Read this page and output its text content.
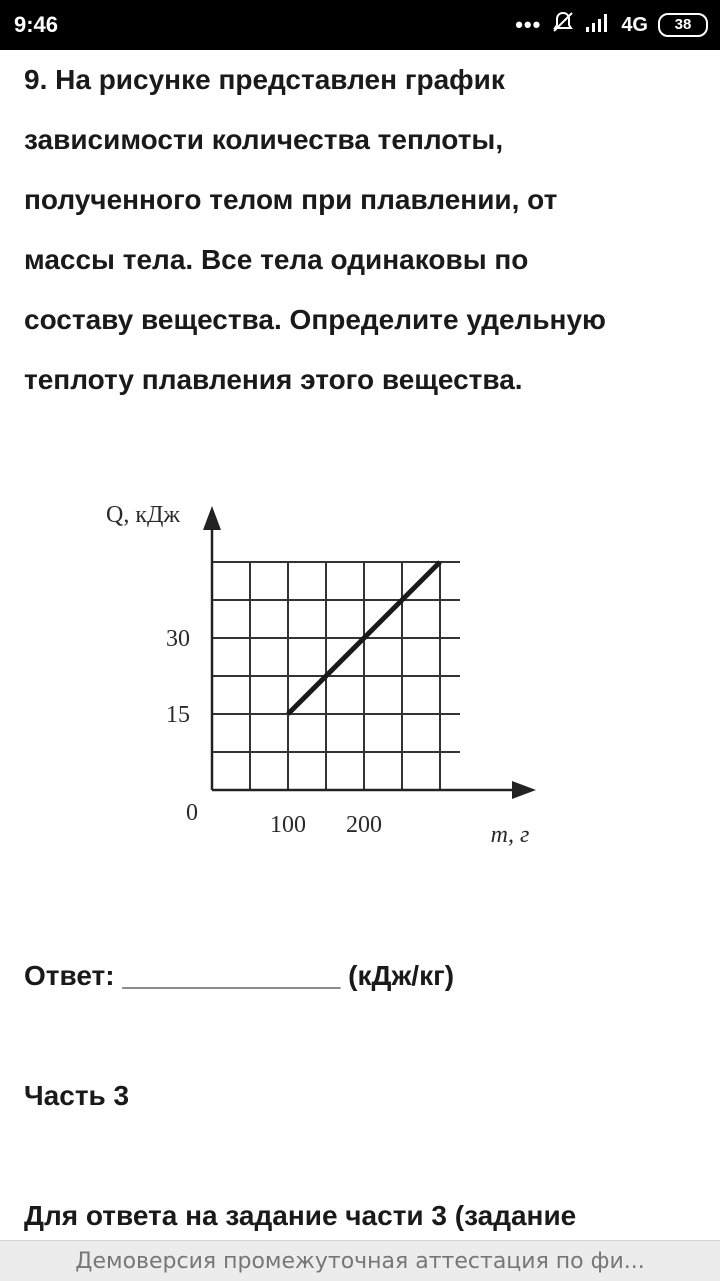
9:46	•••	4G	38

9. На рисунке представлен график

зависимости количества теплоты,

полученного телом при плавлении, от

массы тела. Все тела одинаковы по

составу вещества. Определите удельную

теплоту плавления этого вещества.

100 200
15
30
0
m, г
Q, кДж
Ответ: ______________ (кДж/кг)
Часть 3
Для ответа на задание части 3 (задание
Демоверсия промежуточная аттестация по фи...
